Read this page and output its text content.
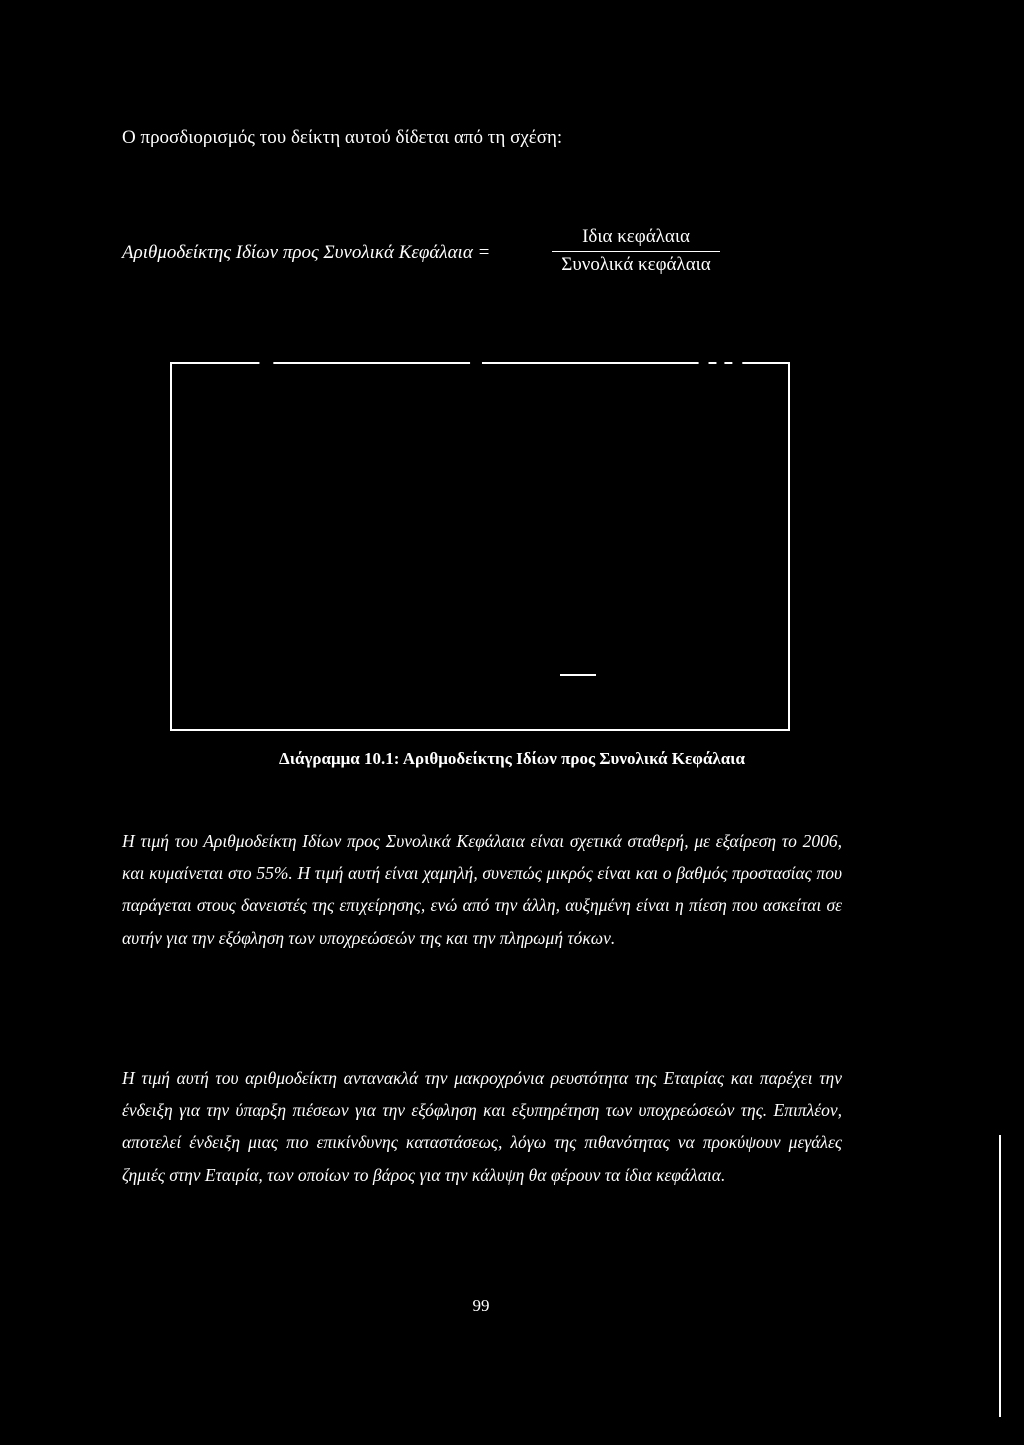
Ο προσδιορισμός του δείκτη αυτού δίδεται από τη σχέση:
Αριθμοδείκτης Ιδίων προς Συνολικά Κεφάλαια =
Ιδια κεφάλαια
Συνολικά κεφάλαια
Διάγραμμα 10.1: Αριθμοδείκτης Ιδίων προς Συνολικά Κεφάλαια

Η τιμή του Αριθμοδείκτη Ιδίων προς Συνολικά Κεφάλαια είναι σχετικά σταθερή, με εξαίρεση το 2006, και κυμαίνεται στο 55%. Η τιμή αυτή είναι χαμηλή, συνεπώς μικρός είναι και ο βαθμός προστασίας που παράγεται στους δανειστές της επιχείρησης, ενώ από την άλλη, αυξημένη είναι η πίεση που ασκείται σε αυτήν για την εξόφληση των υποχρεώσεών της και την πληρωμή τόκων.

Η τιμή αυτή του αριθμοδείκτη αντανακλά την μακροχρόνια ρευστότητα της Εταιρίας και παρέχει την ένδειξη για την ύπαρξη πιέσεων για την εξόφληση και εξυπηρέτηση των υποχρεώσεών της. Επιπλέον, αποτελεί ένδειξη μιας πιο επικίνδυνης καταστάσεως, λόγω της πιθανότητας να προκύψουν μεγάλες ζημιές στην Εταιρία, των οποίων το βάρος για την κάλυψη θα φέρουν τα ίδια κεφάλαια.

99
